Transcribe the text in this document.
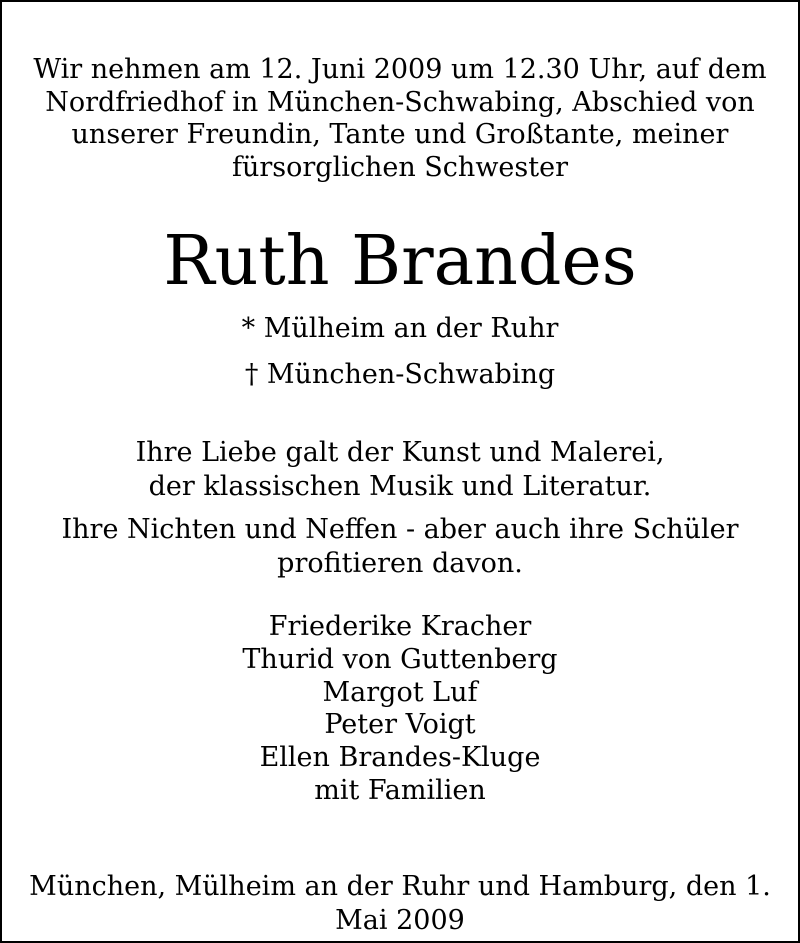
Wir nehmen am 12. Juni 2009 um 12.30 Uhr, auf dem
Nordfriedhof in München-Schwabing, Abschied von
unserer Freundin, Tante und Großtante, meiner
fürsorglichen Schwester
Ruth Brandes
* Mülheim an der Ruhr
† München-Schwabing
Ihre Liebe galt der Kunst und Malerei,
der klassischen Musik und Literatur.
Ihre Nichten und Neffen - aber auch ihre Schüler
profitieren davon.
Friederike Kracher
Thurid von Guttenberg
Margot Luf
Peter Voigt
Ellen Brandes-Kluge
mit Familien
München, Mülheim an der Ruhr und Hamburg, den 1. Mai 2009
